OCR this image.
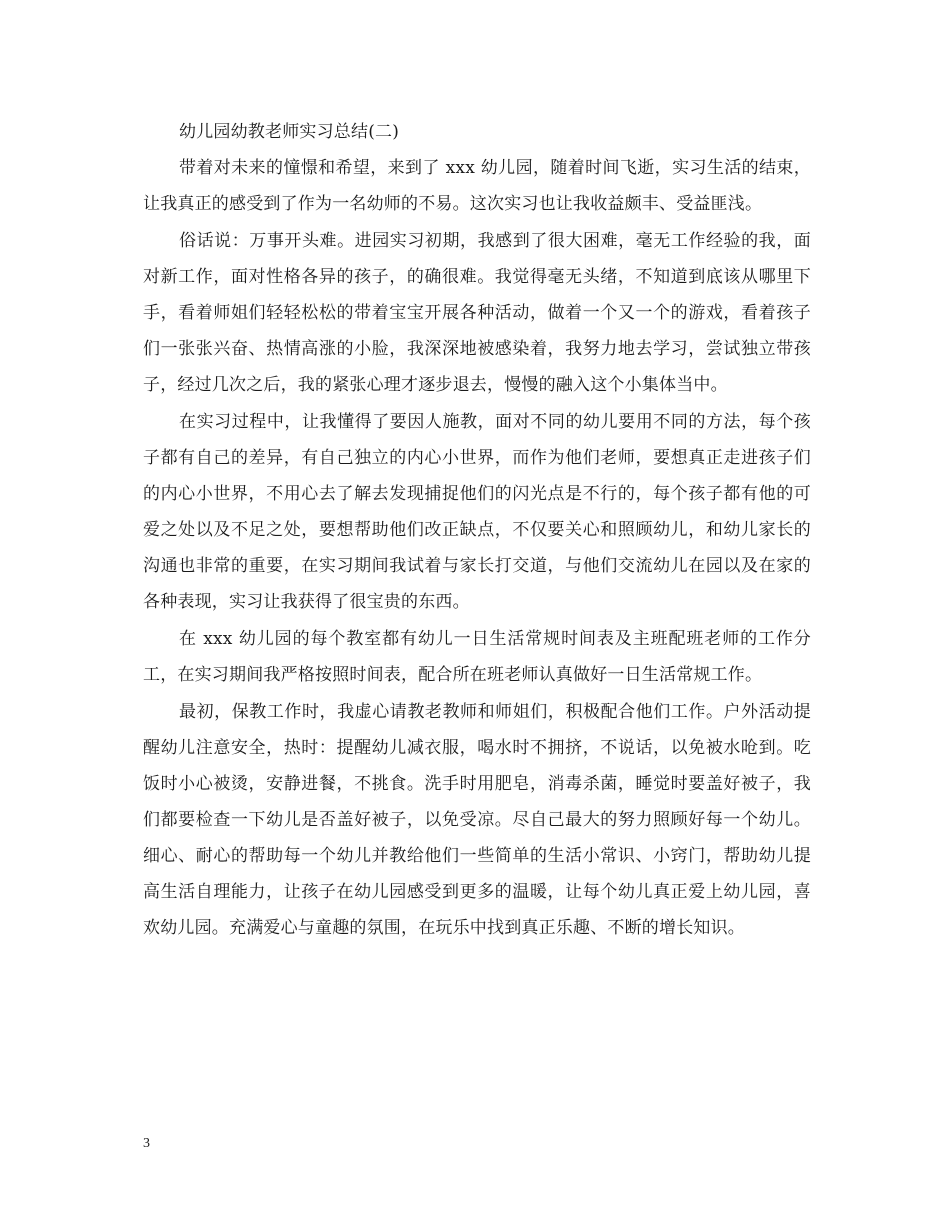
幼儿园幼教老师实习总结(二)

带着对未来的憧憬和希望，来到了 xxx 幼儿园，随着时间飞逝，实习生活的结束，让我真正的感受到了作为一名幼师的不易。这次实习也让我收益颇丰、受益匪浅。

俗话说：万事开头难。进园实习初期，我感到了很大困难，毫无工作经验的我，面对新工作，面对性格各异的孩子，的确很难。我觉得毫无头绪，不知道到底该从哪里下手，看着师姐们轻轻松松的带着宝宝开展各种活动，做着一个又一个的游戏，看着孩子们一张张兴奋、热情高涨的小脸，我深深地被感染着，我努力地去学习，尝试独立带孩子，经过几次之后，我的紧张心理才逐步退去，慢慢的融入这个小集体当中。

在实习过程中，让我懂得了要因人施教，面对不同的幼儿要用不同的方法，每个孩子都有自己的差异，有自己独立的内心小世界，而作为他们老师，要想真正走进孩子们的内心小世界，不用心去了解去发现捕捉他们的闪光点是不行的，每个孩子都有他的可爱之处以及不足之处，要想帮助他们改正缺点，不仅要关心和照顾幼儿，和幼儿家长的沟通也非常的重要，在实习期间我试着与家长打交道，与他们交流幼儿在园以及在家的各种表现，实习让我获得了很宝贵的东西。

在 xxx 幼儿园的每个教室都有幼儿一日生活常规时间表及主班配班老师的工作分工，在实习期间我严格按照时间表，配合所在班老师认真做好一日生活常规工作。

最初，保教工作时，我虚心请教老教师和师姐们，积极配合他们工作。户外活动提醒幼儿注意安全，热时：提醒幼儿减衣服，喝水时不拥挤，不说话，以免被水呛到。吃饭时小心被烫，安静进餐，不挑食。洗手时用肥皂，消毒杀菌，睡觉时要盖好被子，我们都要检查一下幼儿是否盖好被子，以免受凉。尽自己最大的努力照顾好每一个幼儿。细心、耐心的帮助每一个幼儿并教给他们一些简单的生活小常识、小窍门，帮助幼儿提高生活自理能力，让孩子在幼儿园感受到更多的温暖，让每个幼儿真正爱上幼儿园，喜欢幼儿园。充满爱心与童趣的氛围，在玩乐中找到真正乐趣、不断的增长知识。

3
